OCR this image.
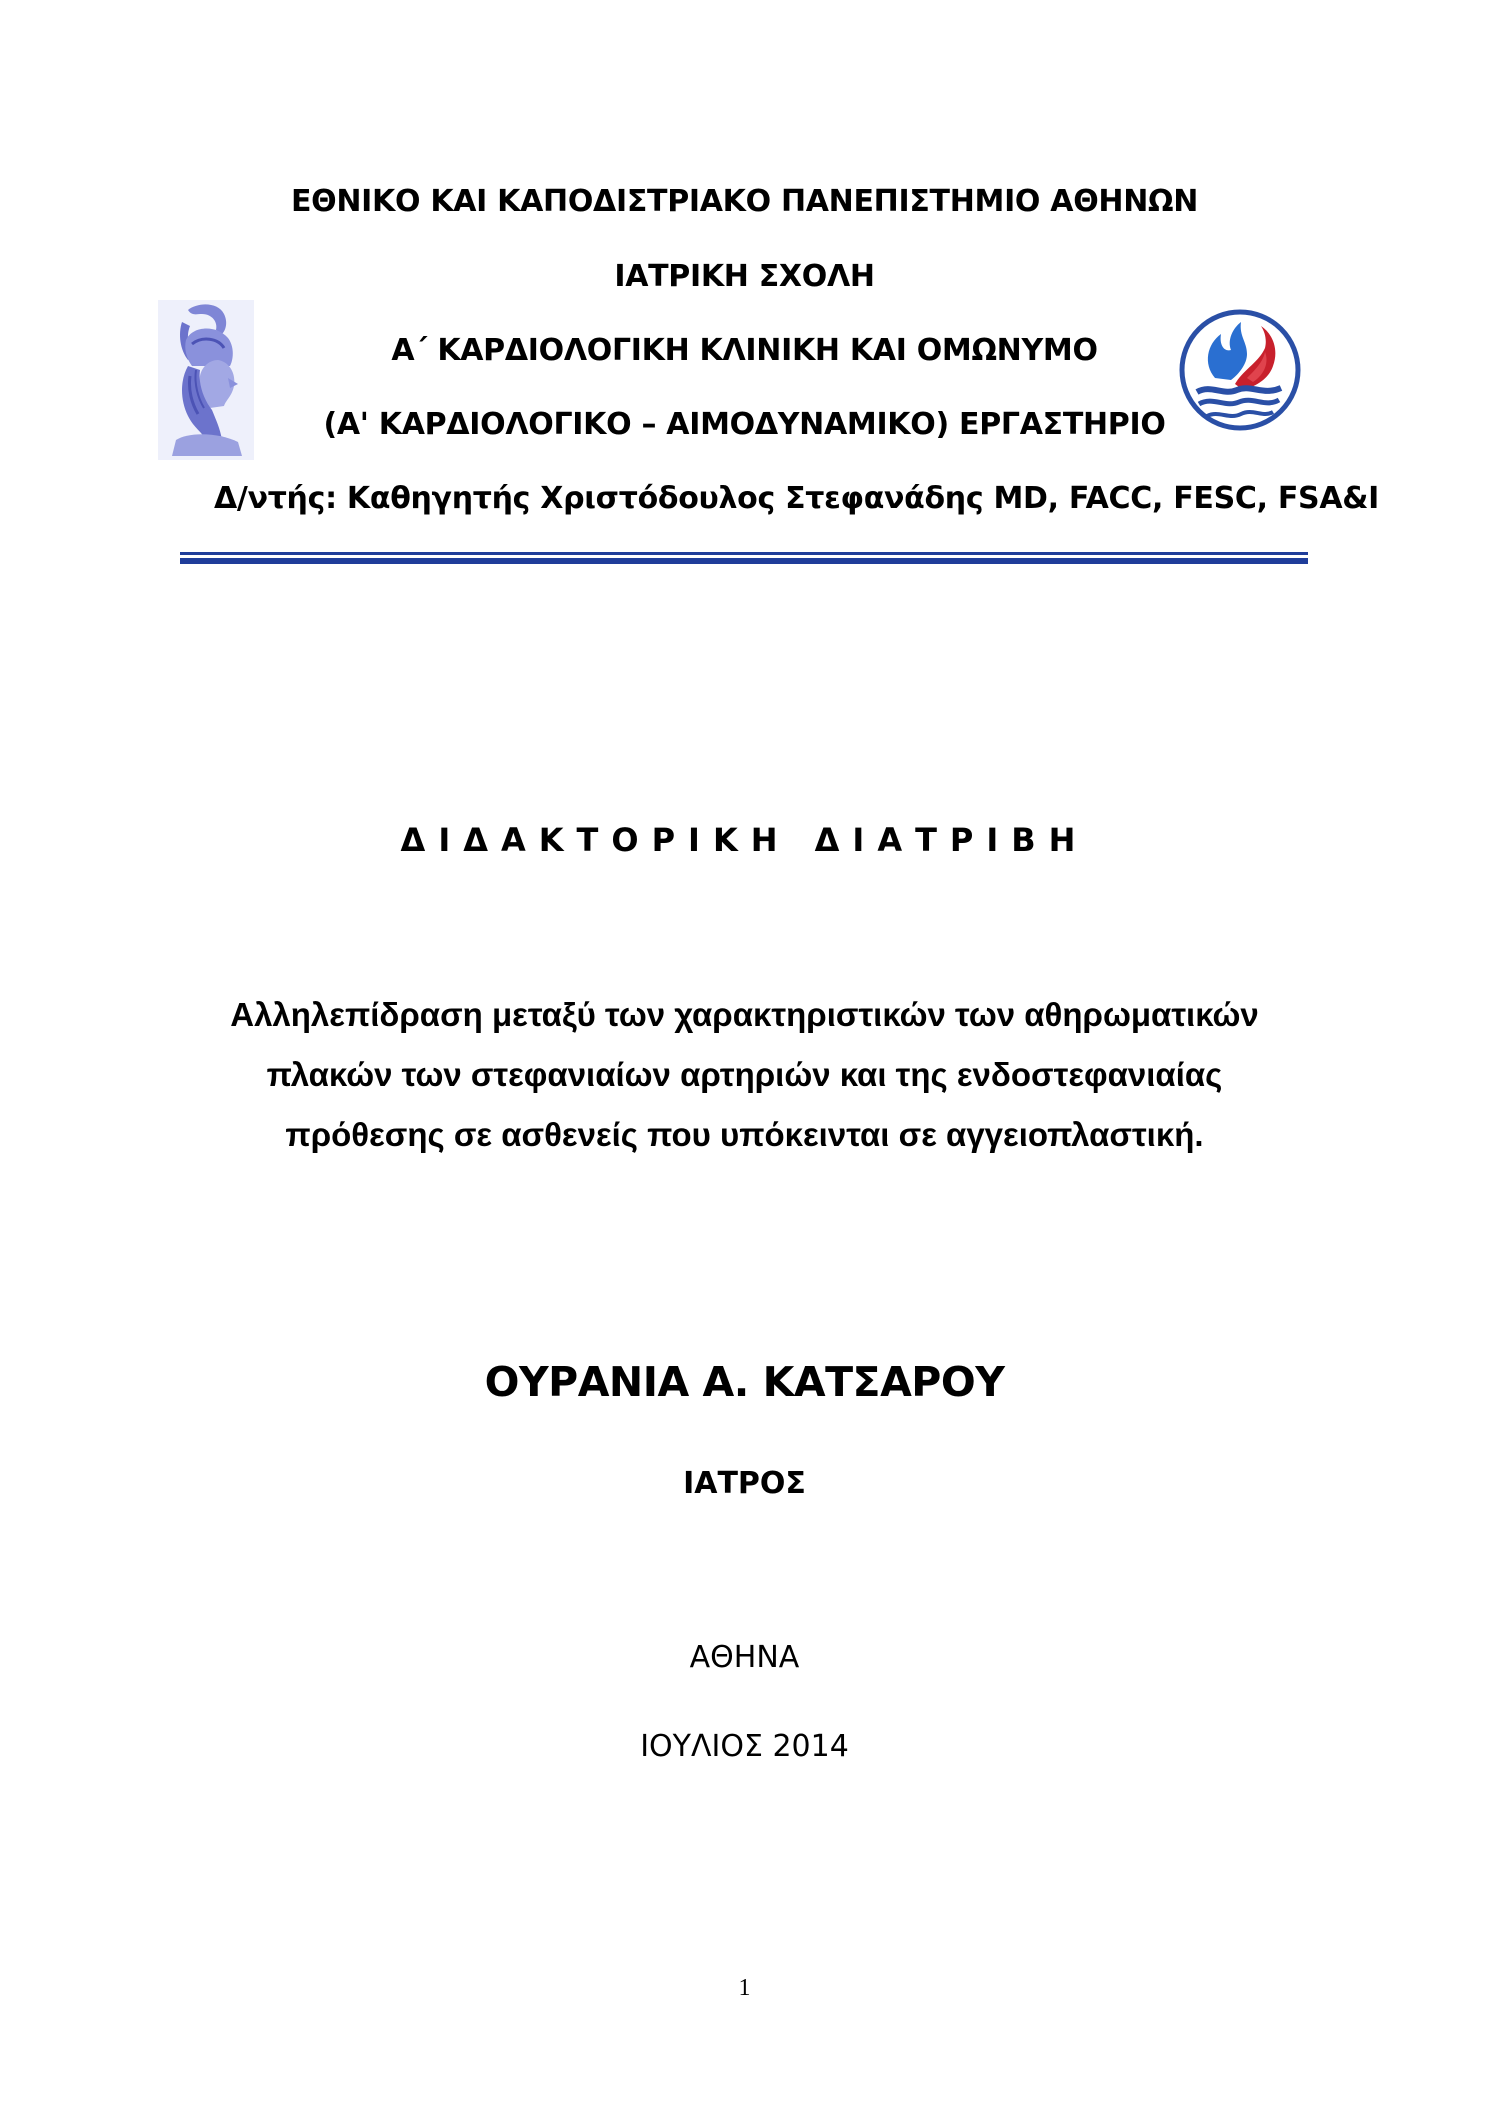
ΕΘΝΙΚΟ ΚΑΙ ΚΑΠΟΔΙΣΤΡΙΑΚΟ ΠΑΝΕΠΙΣΤΗΜΙΟ ΑΘΗΝΩΝ
ΙΑΤΡΙΚΗ ΣΧΟΛΗ
Α΄ ΚΑΡΔΙΟΛΟΓΙΚΗ ΚΛΙΝΙΚΗ ΚΑΙ ΟΜΩΝΥΜΟ
(Α' ΚΑΡΔΙΟΛΟΓΙΚΟ – ΑΙΜΟΔΥΝΑΜΙΚΟ) ΕΡΓΑΣΤΗΡΙΟ
Δ/ντής: Καθηγητής Χριστόδουλος Στεφανάδης MD, FACC, FESC, FSA&I
ΔΙΔΑΚΤΟΡΙΚΗ ΔΙΑΤΡΙΒΗ
Αλληλεπίδραση μεταξύ των χαρακτηριστικών των αθηρωματικών
πλακών των στεφανιαίων αρτηριών και της ενδοστεφανιαίας
πρόθεσης σε ασθενείς που υπόκεινται σε αγγειοπλαστική.
ΟΥΡΑΝΙΑ Α. ΚΑΤΣΑΡΟΥ
ΙΑΤΡΟΣ
ΑΘΗΝΑ
ΙΟΥΛΙΟΣ 2014
1
